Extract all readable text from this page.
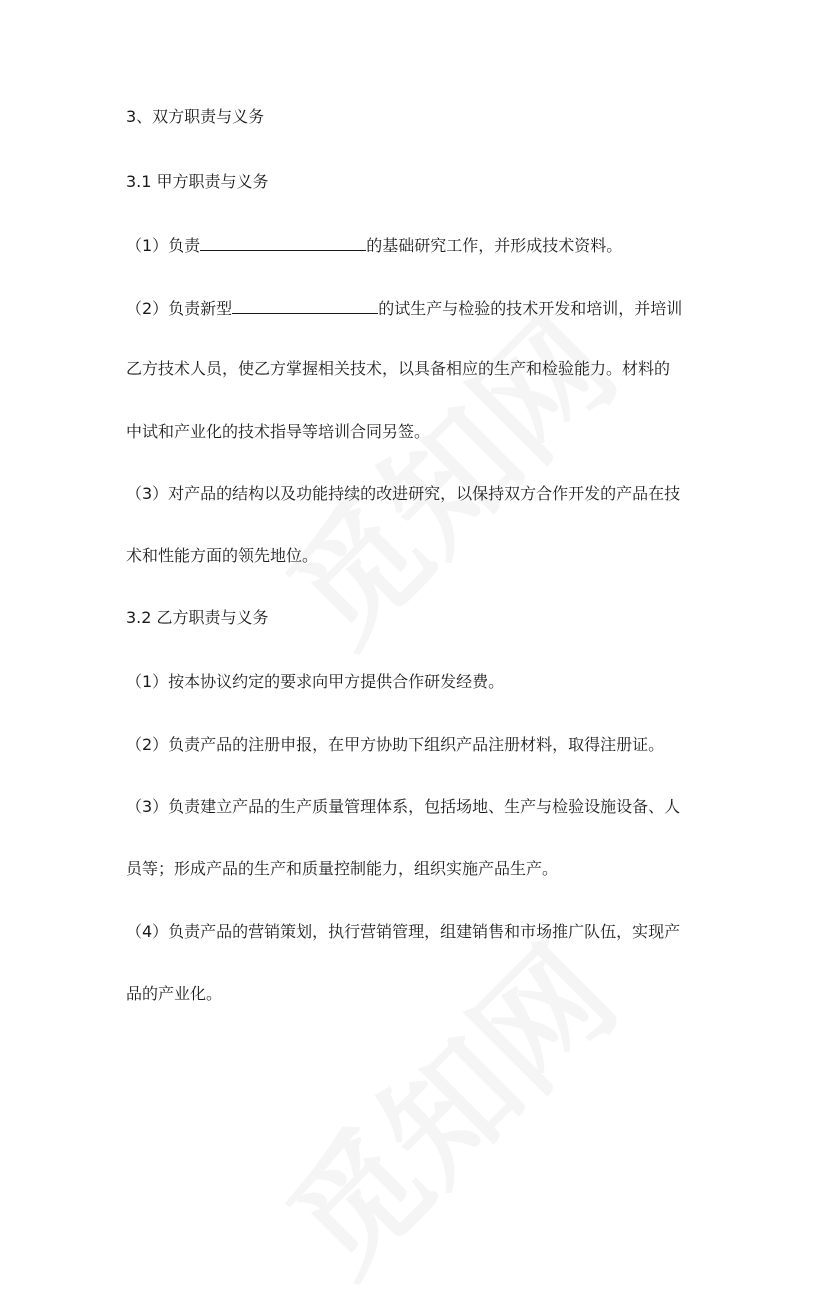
3、双方职责与义务
3.1 甲方职责与义务
（1）负责	的基础研究工作，并形成技术资料。
（2）负责新型	的试生产与检验的技术开发和培训，并培训
乙方技术人员，使乙方掌握相关技术，以具备相应的生产和检验能力。材料的
中试和产业化的技术指导等培训合同另签。
（3）对产品的结构以及功能持续的改进研究，以保持双方合作开发的产品在技
术和性能方面的领先地位。
3.2 乙方职责与义务
（1）按本协议约定的要求向甲方提供合作研发经费。
（2）负责产品的注册申报，在甲方协助下组织产品注册材料，取得注册证。
（3）负责建立产品的生产质量管理体系，包括场地、生产与检验设施设备、人
员等；形成产品的生产和质量控制能力，组织实施产品生产。
（4）负责产品的营销策划，执行营销管理，组建销售和市场推广队伍，实现产
品的产业化。
